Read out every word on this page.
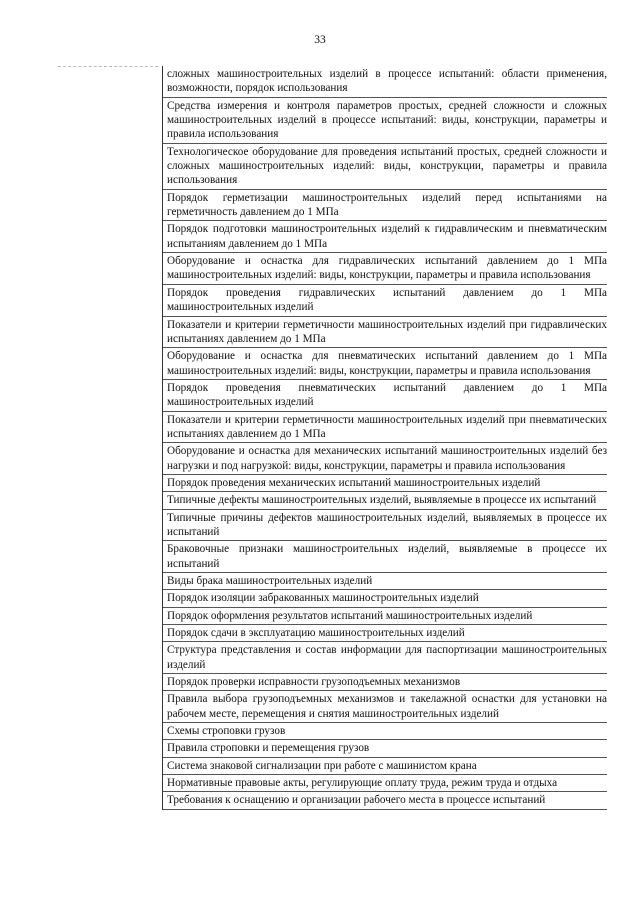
33
сложных машиностроительных изделий в процессе испытаний: области применения, возможности, порядок использования
Средства измерения и контроля параметров простых, средней сложности и сложных машиностроительных изделий в процессе испытаний: виды, конструкции, параметры и правила использования
Технологическое оборудование для проведения испытаний простых, средней сложности и сложных машиностроительных изделий: виды, конструкции, параметры и правила использования
Порядок герметизации машиностроительных изделий перед испытаниями на герметичность давлением до 1 МПа
Порядок подготовки машиностроительных изделий к гидравлическим и пневматическим испытаниям давлением до 1 МПа
Оборудование и оснастка для гидравлических испытаний давлением до 1 МПа машиностроительных изделий: виды, конструкции, параметры и правила использования
Порядок проведения гидравлических испытаний давлением до 1 МПа машиностроительных изделий
Показатели и критерии герметичности машиностроительных изделий при гидравлических испытаниях давлением до 1 МПа
Оборудование и оснастка для пневматических испытаний давлением до 1 МПа машиностроительных изделий: виды, конструкции, параметры и правила использования
Порядок проведения пневматических испытаний давлением до 1 МПа машиностроительных изделий
Показатели и критерии герметичности машиностроительных изделий при пневматических испытаниях давлением до 1 МПа
Оборудование и оснастка для механических испытаний машиностроительных изделий без нагрузки и под нагрузкой: виды, конструкции, параметры и правила использования
Порядок проведения механических испытаний машиностроительных изделий
Типичные дефекты машиностроительных изделий, выявляемые в процессе их испытаний
Типичные причины дефектов машиностроительных изделий, выявляемых в процессе их испытаний
Браковочные признаки машиностроительных изделий, выявляемые в процессе их испытаний
Виды брака машиностроительных изделий
Порядок изоляции забракованных машиностроительных изделий
Порядок оформления результатов испытаний машиностроительных изделий
Порядок сдачи в эксплуатацию машиностроительных изделий
Структура представления и состав информации для паспортизации машиностроительных изделий
Порядок проверки исправности грузоподъемных механизмов
Правила выбора грузоподъемных механизмов и такелажной оснастки для установки на рабочем месте, перемещения и снятия машиностроительных изделий
Схемы строповки грузов
Правила строповки и перемещения грузов
Система знаковой сигнализации при работе с машинистом крана
Нормативные правовые акты, регулирующие оплату труда, режим труда и отдыха
Требования к оснащению и организации рабочего места в процессе испытаний
